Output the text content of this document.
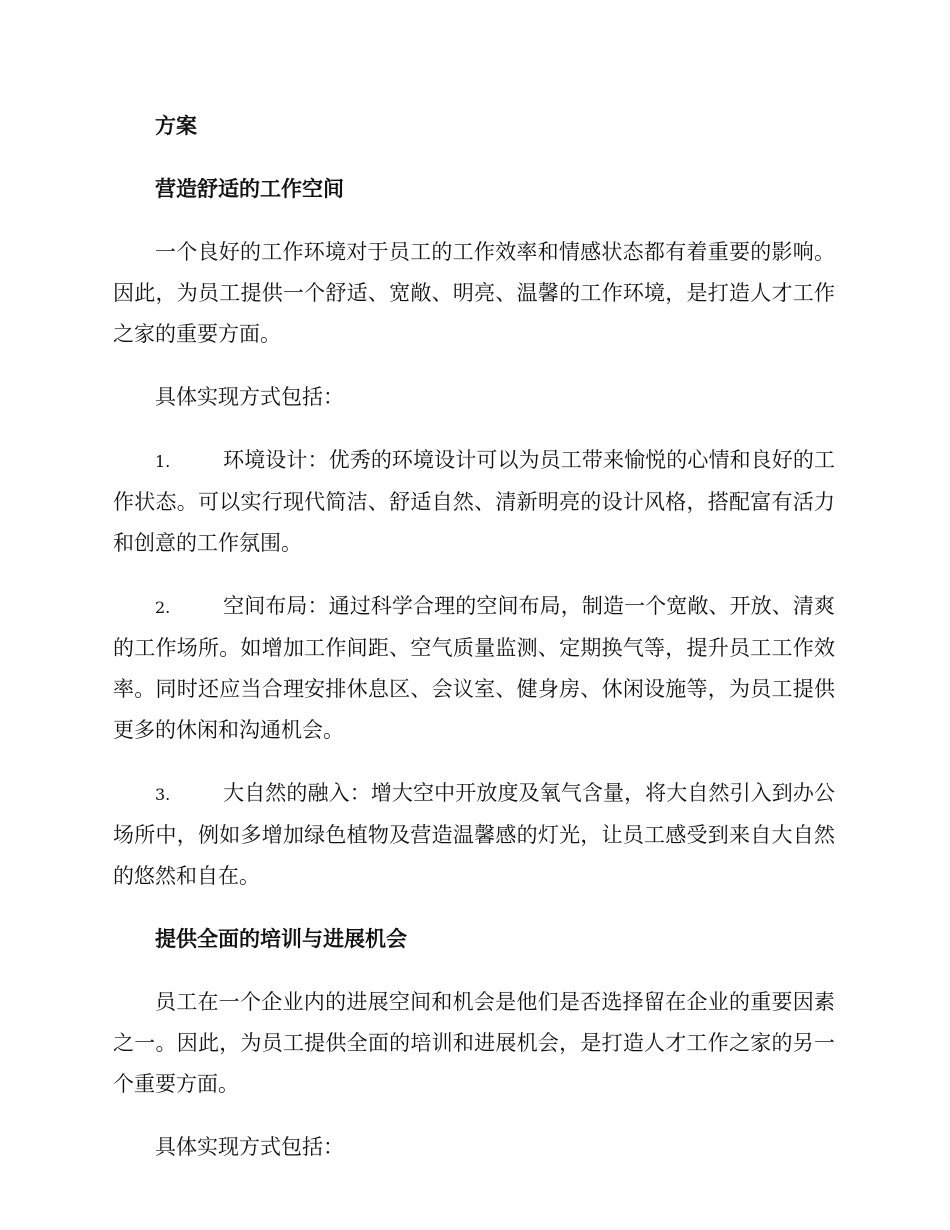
方案
营造舒适的工作空间

一个良好的工作环境对于员工的工作效率和情感状态都有着重要的影响。因此，为员工提供一个舒适、宽敞、明亮、温馨的工作环境，是打造人才工作之家的重要方面。

具体实现方式包括：

1.	环境设计：优秀的环境设计可以为员工带来愉悦的心情和良好的工作状态。可以实行现代简洁、舒适自然、清新明亮的设计风格，搭配富有活力和创意的工作氛围。

2.	空间布局：通过科学合理的空间布局，制造一个宽敞、开放、清爽的工作场所。如增加工作间距、空气质量监测、定期换气等，提升员工工作效率。同时还应当合理安排休息区、会议室、健身房、休闲设施等，为员工提供更多的休闲和沟通机会。

3.	大自然的融入：增大空中开放度及氧气含量，将大自然引入到办公场所中，例如多增加绿色植物及营造温馨感的灯光，让员工感受到来自大自然的悠然和自在。

提供全面的培训与进展机会

员工在一个企业内的进展空间和机会是他们是否选择留在企业的重要因素之一。因此，为员工提供全面的培训和进展机会，是打造人才工作之家的另一个重要方面。

具体实现方式包括：
